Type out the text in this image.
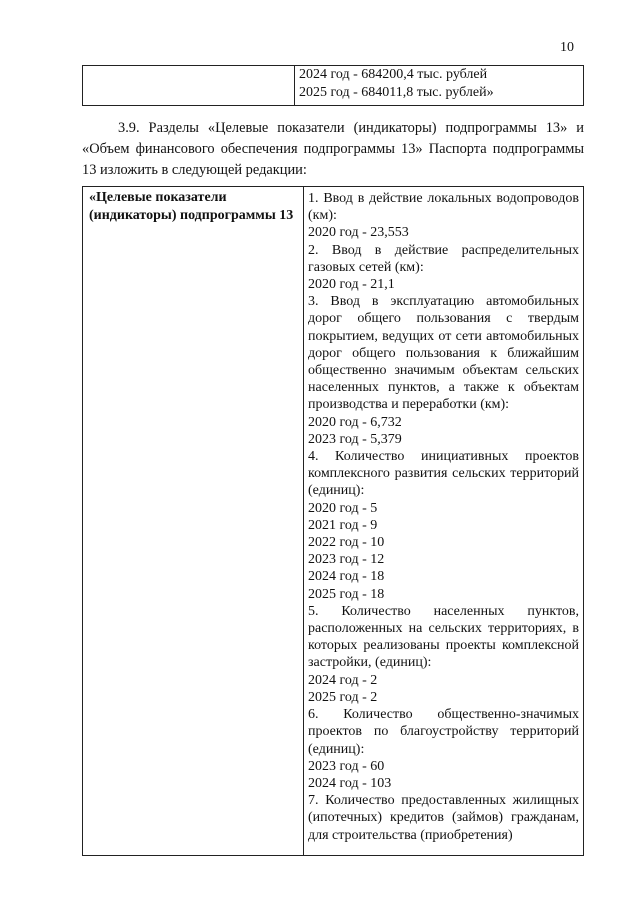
10

2024 год - 684200,4 тыс. рублей
2025 год - 684011,8 тыс. рублей»
3.9. Разделы «Целевые показатели (индикаторы) подпрограммы 13» и «Объем финансового обеспечения подпрограммы 13» Паспорта подпрограммы 13 изложить в следующей редакции:
«Целевые показатели (индикаторы) подпрограммы 13	
1. Ввод в действие локальных водопроводов (км):
2020 год - 23,553
2. Ввод в действие распределительных газовых сетей (км):
2020 год - 21,1
3. Ввод в эксплуатацию автомобильных дорог общего пользования с твердым покрытием, ведущих от сети автомобильных дорог общего пользования к ближайшим общественно значимым объектам сельских населенных пунктов, а также к объектам производства и переработки (км):
2020 год - 6,732
2023 год - 5,379
4. Количество инициативных проектов комплексного развития сельских территорий (единиц):
2020 год - 5
2021 год - 9
2022 год - 10
2023 год - 12
2024 год - 18
2025 год - 18
5. Количество населенных пунктов, расположенных на сельских территориях, в которых реализованы проекты комплексной застройки, (единиц):
2024 год - 2
2025 год - 2
6. Количество общественно-значимых проектов по благоустройству территорий (единиц):
2023 год - 60
2024 год - 103
7. Количество предоставленных жилищных (ипотечных) кредитов (займов) гражданам, для строительства (приобретения)
